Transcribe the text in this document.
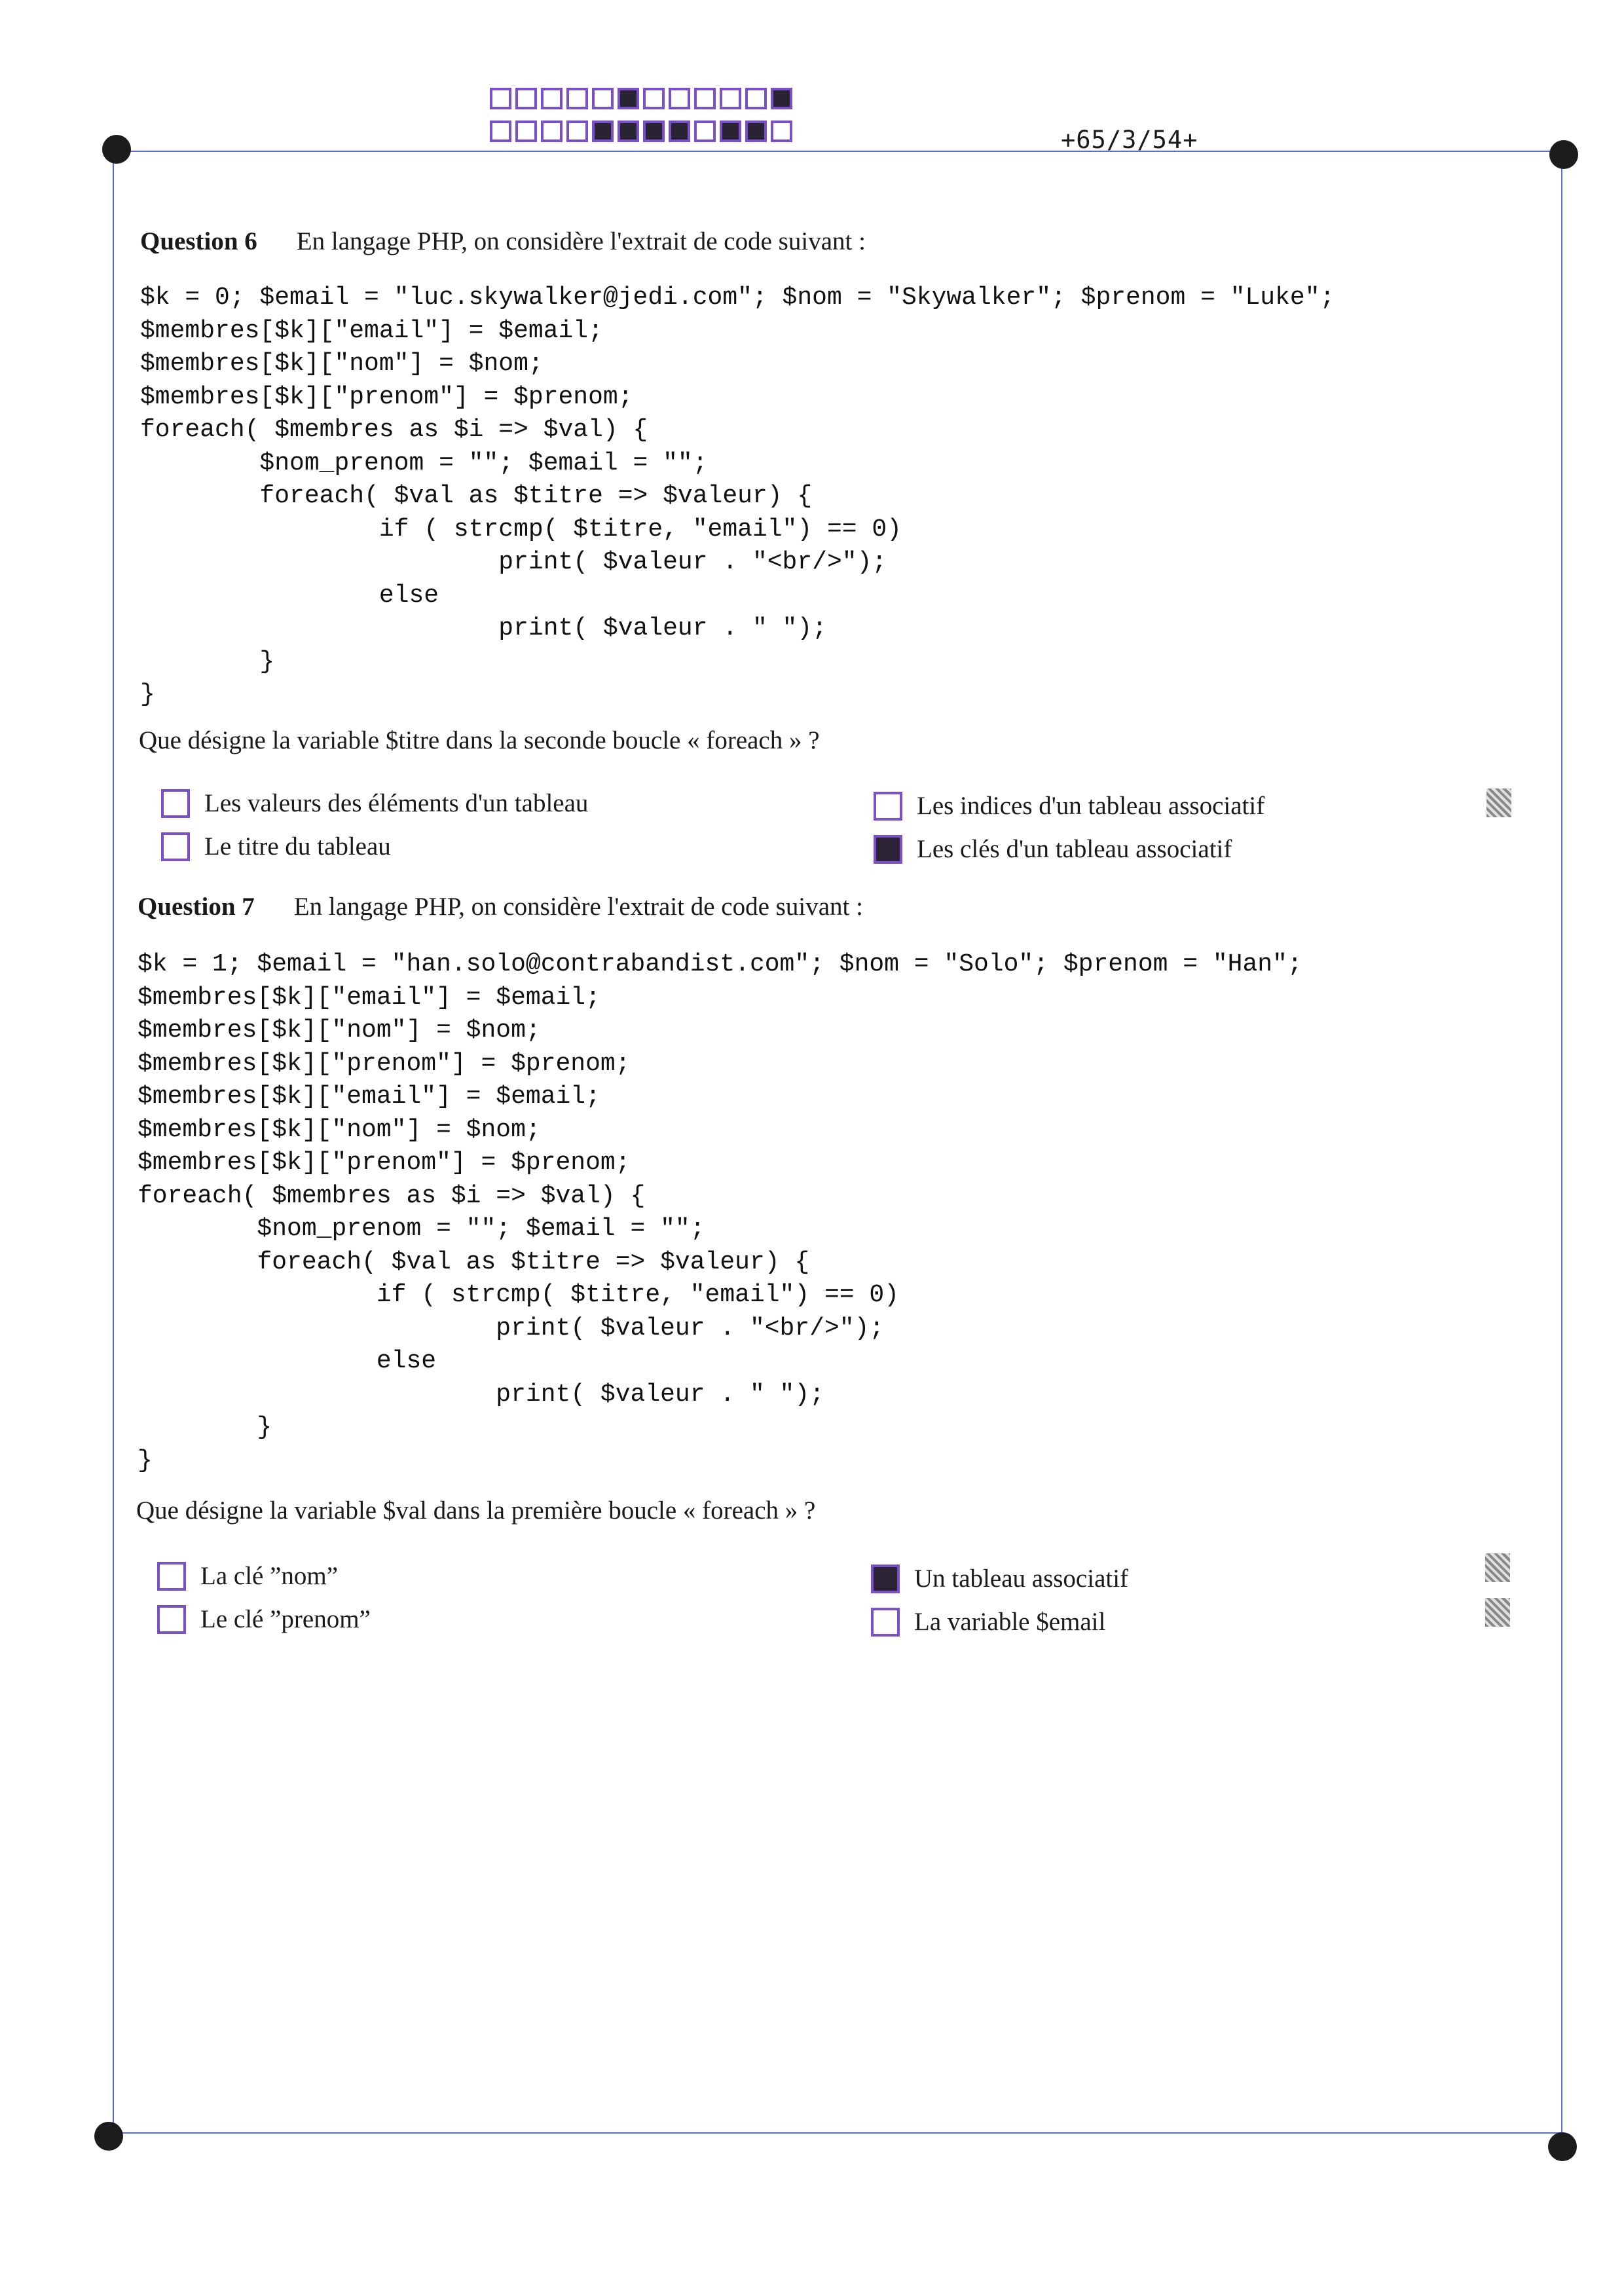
+65/3/54+
Question 6 En langage PHP, on considère l'extrait de code suivant :
$k = 0; $email = "luc.skywalker@jedi.com"; $nom = "Skywalker"; $prenom = "Luke";
$membres[$k]["email"] = $email;
$membres[$k]["nom"] = $nom;
$membres[$k]["prenom"] = $prenom;
foreach( $membres as $i => $val) {
$nom_prenom = ""; $email = "";
foreach( $val as $titre => $valeur) {
if ( strcmp( $titre, "email") == 0)
print( $valeur . "<br/>");
else
print( $valeur . " ");
}
}
Que désigne la variable $titre dans la seconde boucle « foreach » ?
Les valeurs des éléments d'un tableau	Les indices d'un tableau associatif
Le titre du tableau	Les clés d'un tableau associatif
Question 7 En langage PHP, on considère l'extrait de code suivant :
$k = 1; $email = "han.solo@contrabandist.com"; $nom = "Solo"; $prenom = "Han";
$membres[$k]["email"] = $email;
$membres[$k]["nom"] = $nom;
$membres[$k]["prenom"] = $prenom;
$membres[$k]["email"] = $email;
$membres[$k]["nom"] = $nom;
$membres[$k]["prenom"] = $prenom;
foreach( $membres as $i => $val) {
$nom_prenom = ""; $email = "";
foreach( $val as $titre => $valeur) {
if ( strcmp( $titre, "email") == 0)
print( $valeur . "<br/>");
else
print( $valeur . " ");
}
}
Que désigne la variable $val dans la première boucle « foreach » ?
La clé ”nom”	Un tableau associatif
Le clé ”prenom”	La variable $email
